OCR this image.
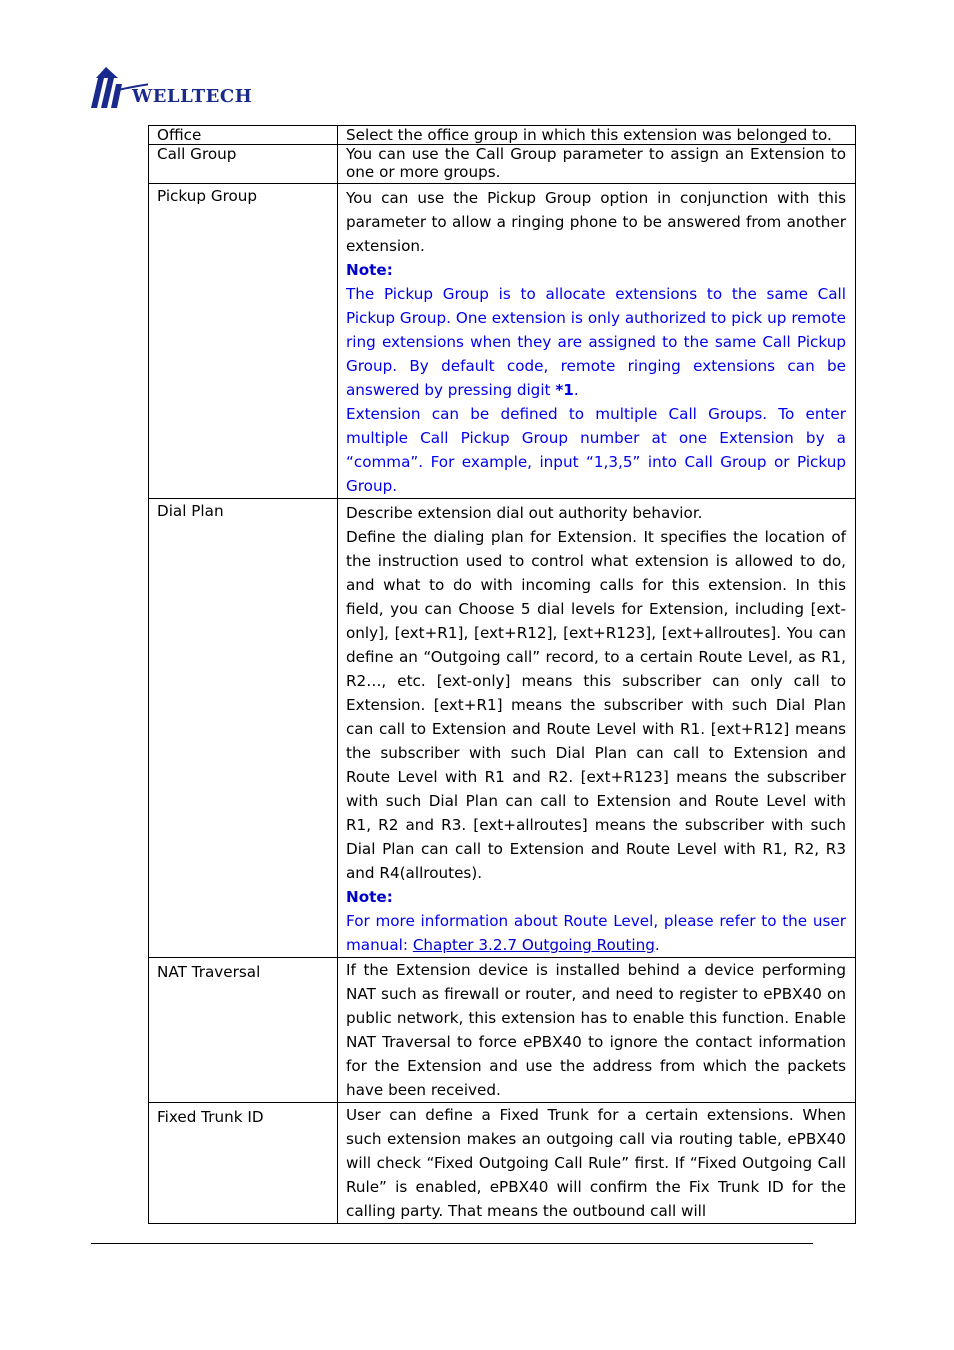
WELLTECH
Office	Select the office group in which this extension was belonged to.
Call Group	You can use the Call Group parameter to assign an Extension to one or more groups.
Pickup Group	You can use the Pickup Group option in conjunction with this parameter to allow a ringing phone to be answered from another extension.

Note:

The Pickup Group is to allocate extensions to the same Call Pickup Group. One extension is only authorized to pick up remote ring extensions when they are assigned to the same Call Pickup Group. By default code, remote ringing extensions can be answered by pressing digit *1.

Extension can be defined to multiple Call Groups. To enter multiple Call Pickup Group number at one Extension by a “comma”. For example, input “1,3,5” into Call Group or Pickup Group.

Dial Plan	Describe extension dial out authority behavior.

Define the dialing plan for Extension. It specifies the location of the instruction used to control what extension is allowed to do, and what to do with incoming calls for this extension. In this field, you can Choose 5 dial levels for Extension, including [ext-only], [ext+R1], [ext+R12], [ext+R123], [ext+allroutes]. You can define an “Outgoing call” record, to a certain Route Level, as R1, R2…, etc. [ext-only] means this subscriber can only call to Extension. [ext+R1] means the subscriber with such Dial Plan can call to Extension and Route Level with R1. [ext+R12] means the subscriber with such Dial Plan can call to Extension and Route Level with R1 and R2. [ext+R123] means the subscriber with such Dial Plan can call to Extension and Route Level with R1, R2 and R3. [ext+allroutes] means the subscriber with such Dial Plan can call to Extension and Route Level with R1, R2, R3 and R4(allroutes).

Note:

For more information about Route Level, please refer to the user manual: Chapter 3.2.7 Outgoing Routing.

NAT Traversal	If the Extension device is installed behind a device performing NAT such as firewall or router, and need to register to ePBX40 on public network, this extension has to enable this function. Enable NAT Traversal to force ePBX40 to ignore the contact information for the Extension and use the address from which the packets have been received.
Fixed Trunk ID	User can define a Fixed Trunk for a certain extensions. When such extension makes an outgoing call via routing table, ePBX40 will check “Fixed Outgoing Call Rule” first. If “Fixed Outgoing Call Rule” is enabled, ePBX40 will confirm the Fix Trunk ID for the calling party. That means the outbound call will
